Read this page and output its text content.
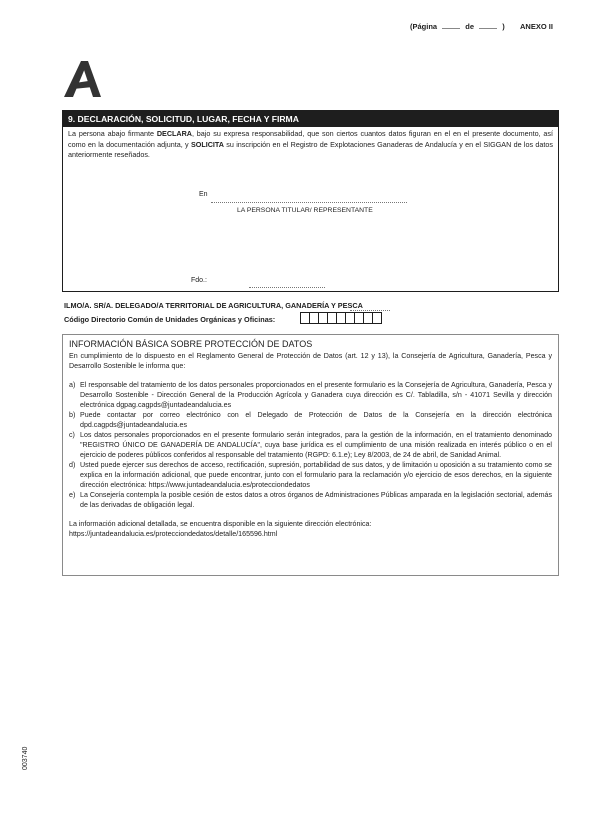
(Página	de	) ANEXO II
9. DECLARACIÓN, SOLICITUD, LUGAR, FECHA Y FIRMA
La persona abajo firmante DECLARA, bajo su expresa responsabilidad, que son ciertos cuantos datos figuran en el en el presente documento, así como en la documentación adjunta, y SOLICITA su inscripción en el Registro de Explotaciones Ganaderas de Andalucía y en el SIGGAN de los datos anteriormente reseñados.
En
LA PERSONA TITULAR/ REPRESENTANTE
Fdo.:
ILMO/A. SR/A. DELEGADO/A TERRITORIAL DE AGRICULTURA, GANADERÍA Y PESCA
Código Directorio Común de Unidades Orgánicas y Oficinas:
INFORMACIÓN BÁSICA SOBRE PROTECCIÓN DE DATOS

En cumplimiento de lo dispuesto en el Reglamento General de Protección de Datos (art. 12 y 13), la Consejería de Agricultura, Ganadería, Pesca y Desarrollo Sostenible le informa que:

a) El responsable del tratamiento de los datos personales proporcionados en el presente formulario es la Consejería de Agricultura, Ganadería, Pesca y Desarrollo Sostenible - Dirección General de la Producción Agrícola y Ganadera cuya dirección es C/. Tabladilla, s/n - 41071 Sevilla y dirección electrónica dgpag.cagpds@juntadeandalucia.es
b) Puede contactar por correo electrónico con el Delegado de Protección de Datos de la Consejería en la dirección electrónica dpd.cagpds@juntadeandalucia.es
c) Los datos personales proporcionados en el presente formulario serán integrados, para la gestión de la información, en el tratamiento denominado "REGISTRO ÚNICO DE GANADERÍA DE ANDALUCÍA", cuya base jurídica es el cumplimiento de una misión realizada en interés público o en el ejercicio de poderes públicos conferidos al responsable del tratamiento (RGPD: 6.1.e); Ley 8/2003, de 24 de abril, de Sanidad Animal.
d) Usted puede ejercer sus derechos de acceso, rectificación, supresión, portabilidad de sus datos, y de limitación u oposición a su tratamiento como se explica en la información adicional, que puede encontrar, junto con el formulario para la reclamación y/o ejercicio de esos derechos, en la siguiente dirección electrónica: https://www.juntadeandalucia.es/protecciondedatos
e) La Consejería contempla la posible cesión de estos datos a otros órganos de Administraciones Públicas amparada en la legislación sectorial, además de las derivadas de obligación legal.

La información adicional detallada, se encuentra disponible en la siguiente dirección electrónica:

https://juntadeandalucia.es/protecciondedatos/detalle/165596.html

003740
